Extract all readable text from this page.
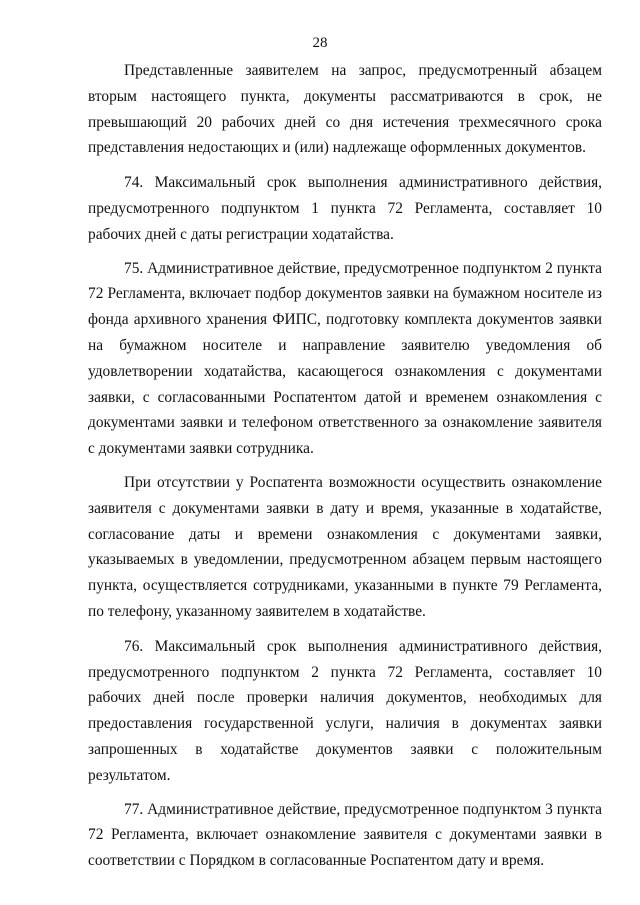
28

Представленные заявителем на запрос, предусмотренный абзацем вторым настоящего пункта, документы рассматриваются в срок, не превышающий 20 рабочих дней со дня истечения трехмесячного срока представления недостающих и (или) надлежаще оформленных документов.

74. Максимальный срок выполнения административного действия, предусмотренного подпунктом 1 пункта 72 Регламента, составляет 10 рабочих дней с даты регистрации ходатайства.

75. Административное действие, предусмотренное подпунктом 2 пункта 72 Регламента, включает подбор документов заявки на бумажном носителе из фонда архивного хранения ФИПС, подготовку комплекта документов заявки на бумажном носителе и направление заявителю уведомления об удовлетворении ходатайства, касающегося ознакомления с документами заявки, с согласованными Роспатентом датой и временем ознакомления с документами заявки и телефоном ответственного за ознакомление заявителя с документами заявки сотрудника.

При отсутствии у Роспатента возможности осуществить ознакомление заявителя с документами заявки в дату и время, указанные в ходатайстве, согласование даты и времени ознакомления с документами заявки, указываемых в уведомлении, предусмотренном абзацем первым настоящего пункта, осуществляется сотрудниками, указанными в пункте 79 Регламента, по телефону, указанному заявителем в ходатайстве.

76. Максимальный срок выполнения административного действия, предусмотренного подпунктом 2 пункта 72 Регламента, составляет 10 рабочих дней после проверки наличия документов, необходимых для предоставления государственной услуги, наличия в документах заявки запрошенных в ходатайстве документов заявки с положительным результатом.

77. Административное действие, предусмотренное подпунктом 3 пункта 72 Регламента, включает ознакомление заявителя с документами заявки в соответствии с Порядком в согласованные Роспатентом дату и время.
